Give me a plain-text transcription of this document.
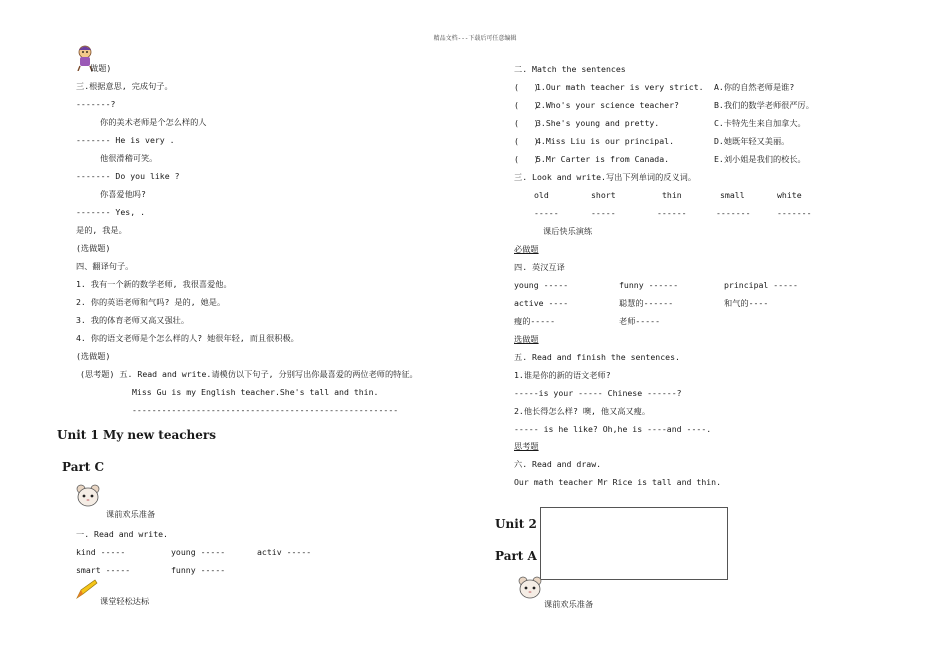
精品文档---下载后可任意编辑
做题)
三.根据意思, 完成句子。
-------?
你的美术老师是个怎么样的人
------- He is very .
他很滑稽可笑。
------- Do you like ?
你喜爱他吗?
------- Yes, .
是的, 我是。
(选做题)
四、翻译句子。
1. 我有一个新的数学老师, 我很喜爱他。
2. 你的英语老师和气吗? 是的, 她是。
3. 我的体育老师又高又强壮。
4. 你的语文老师是个怎么样的人? 她很年轻, 而且很积极。
(选做题)
(思考题) 五. Read and write.请模仿以下句子, 分别写出你最喜爱的两位老师的特征。
Miss Gu is my English teacher.She's tall and thin.
------------------------------------------------------
Unit 1 My new teachers
Part C
课前欢乐准备
一. Read and write.
kind -----	young -----	activ -----
smart -----	funny -----
课堂轻松达标
二. Match the sentences
(   )
1.Our math teacher is very strict. A.你的自然老师是谁?
(   )
2.Who's your science teacher?	B.我们的数学老师很严厉。
(   )
3.She's young and pretty.	C.卡特先生来自加拿大。
(   )
4.Miss Liu is our principal.	D.她既年轻又美丽。
(   )
5.Mr Carter is from Canada.	E.刘小姐是我们的校长。
三. Look and write.写出下列单词的反义词。
old	short	thin	small	white
-----	-----	------	-------	-------
课后快乐演练
必做题
四. 英汉互译
young -----	funny ------	principal -----
active ----	聪慧的------	和气的----
瘦的-----	老师-----
选做题
五. Read and finish the sentences.
1.谁是你的新的语文老师?
-----is your ----- Chinese ------?
2.他长得怎么样? 噢, 他又高又瘦。
----- is he like? Oh,he is ----and ----.
思考题
六. Read and draw.
Our math teacher Mr Rice is tall and thin.
Unit 2
Part A
课前欢乐准备
